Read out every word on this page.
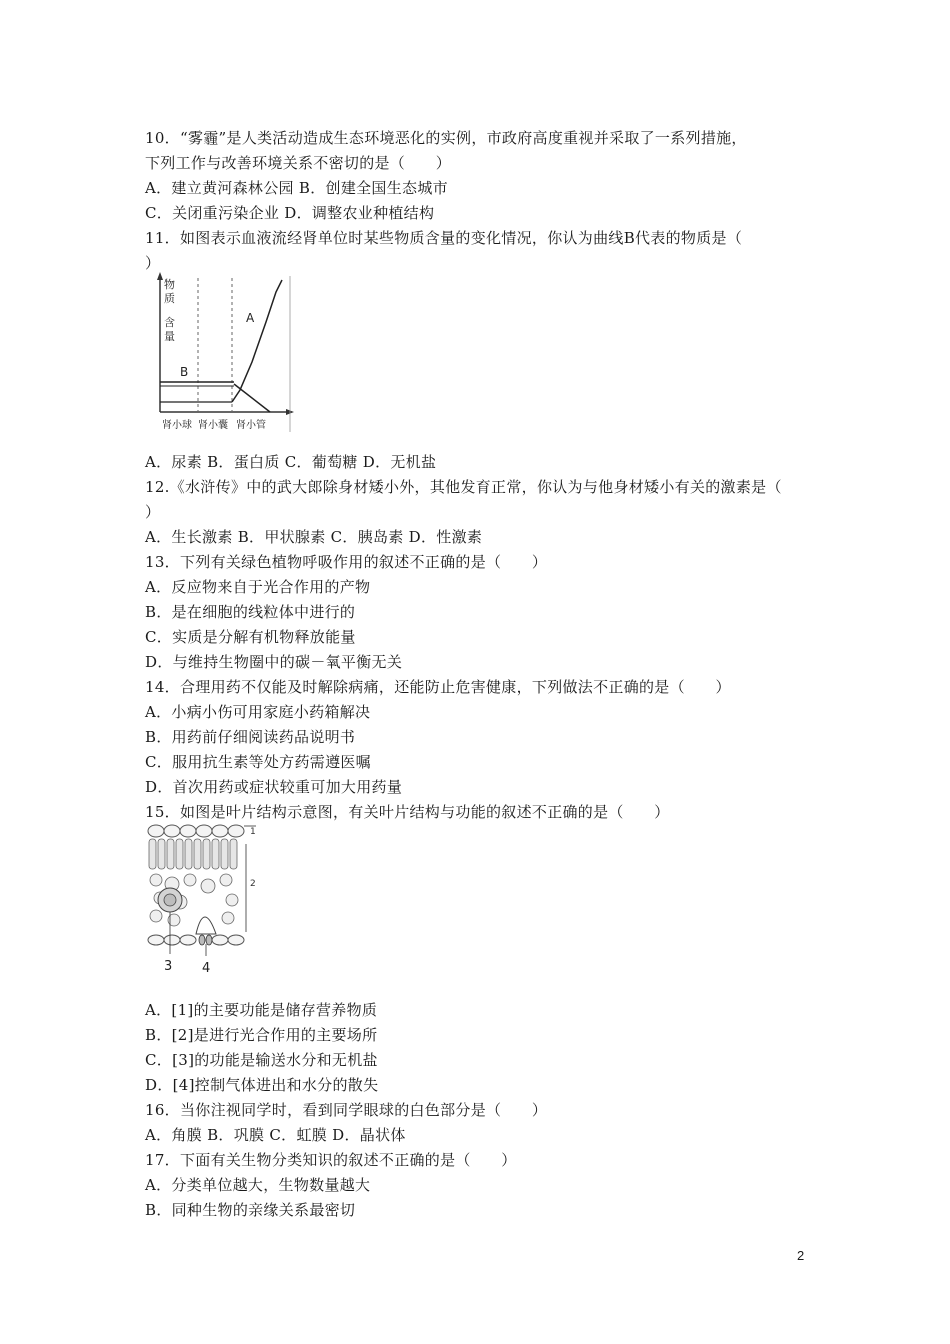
10．“雾霾”是人类活动造成生态环境恶化的实例，市政府高度重视并采取了一系列措施，
下列工作与改善环境关系不密切的是（　　）
A．建立黄河森林公园 B．创建全国生态城市
C．关闭重污染企业 D．调整农业种植结构
11．如图表示血液流经肾单位时某些物质含量的变化情况，你认为曲线B代表的物质是（
）
物 质 含 量
B
A
肾小球 肾小囊 肾小管
A．尿素 B．蛋白质 C．葡萄糖 D．无机盐
12.《水浒传》中的武大郎除身材矮小外，其他发育正常，你认为与他身材矮小有关的激素是（
）
A．生长激素 B．甲状腺素 C．胰岛素 D．性激素
13．下列有关绿色植物呼吸作用的叙述不正确的是（　　）
A．反应物来自于光合作用的产物
B．是在细胞的线粒体中进行的
C．实质是分解有机物释放能量
D．与维持生物圈中的碳－氧平衡无关
14．合理用药不仅能及时解除病痛，还能防止危害健康，下列做法不正确的是（　　）
A．小病小伤可用家庭小药箱解决
B．用药前仔细阅读药品说明书
C．服用抗生素等处方药需遵医嘱
D．首次用药或症状较重可加大用药量
15．如图是叶片结构示意图，有关叶片结构与功能的叙述不正确的是（　　）
1
2
3 4
A．[1]的主要功能是储存营养物质
B．[2]是进行光合作用的主要场所
C．[3]的功能是输送水分和无机盐
D．[4]控制气体进出和水分的散失
16．当你注视同学时，看到同学眼球的白色部分是（　　）
A．角膜 B．巩膜 C．虹膜 D．晶状体
17．下面有关生物分类知识的叙述不正确的是（　　）
A．分类单位越大，生物数量越大
B．同种生物的亲缘关系最密切
2
